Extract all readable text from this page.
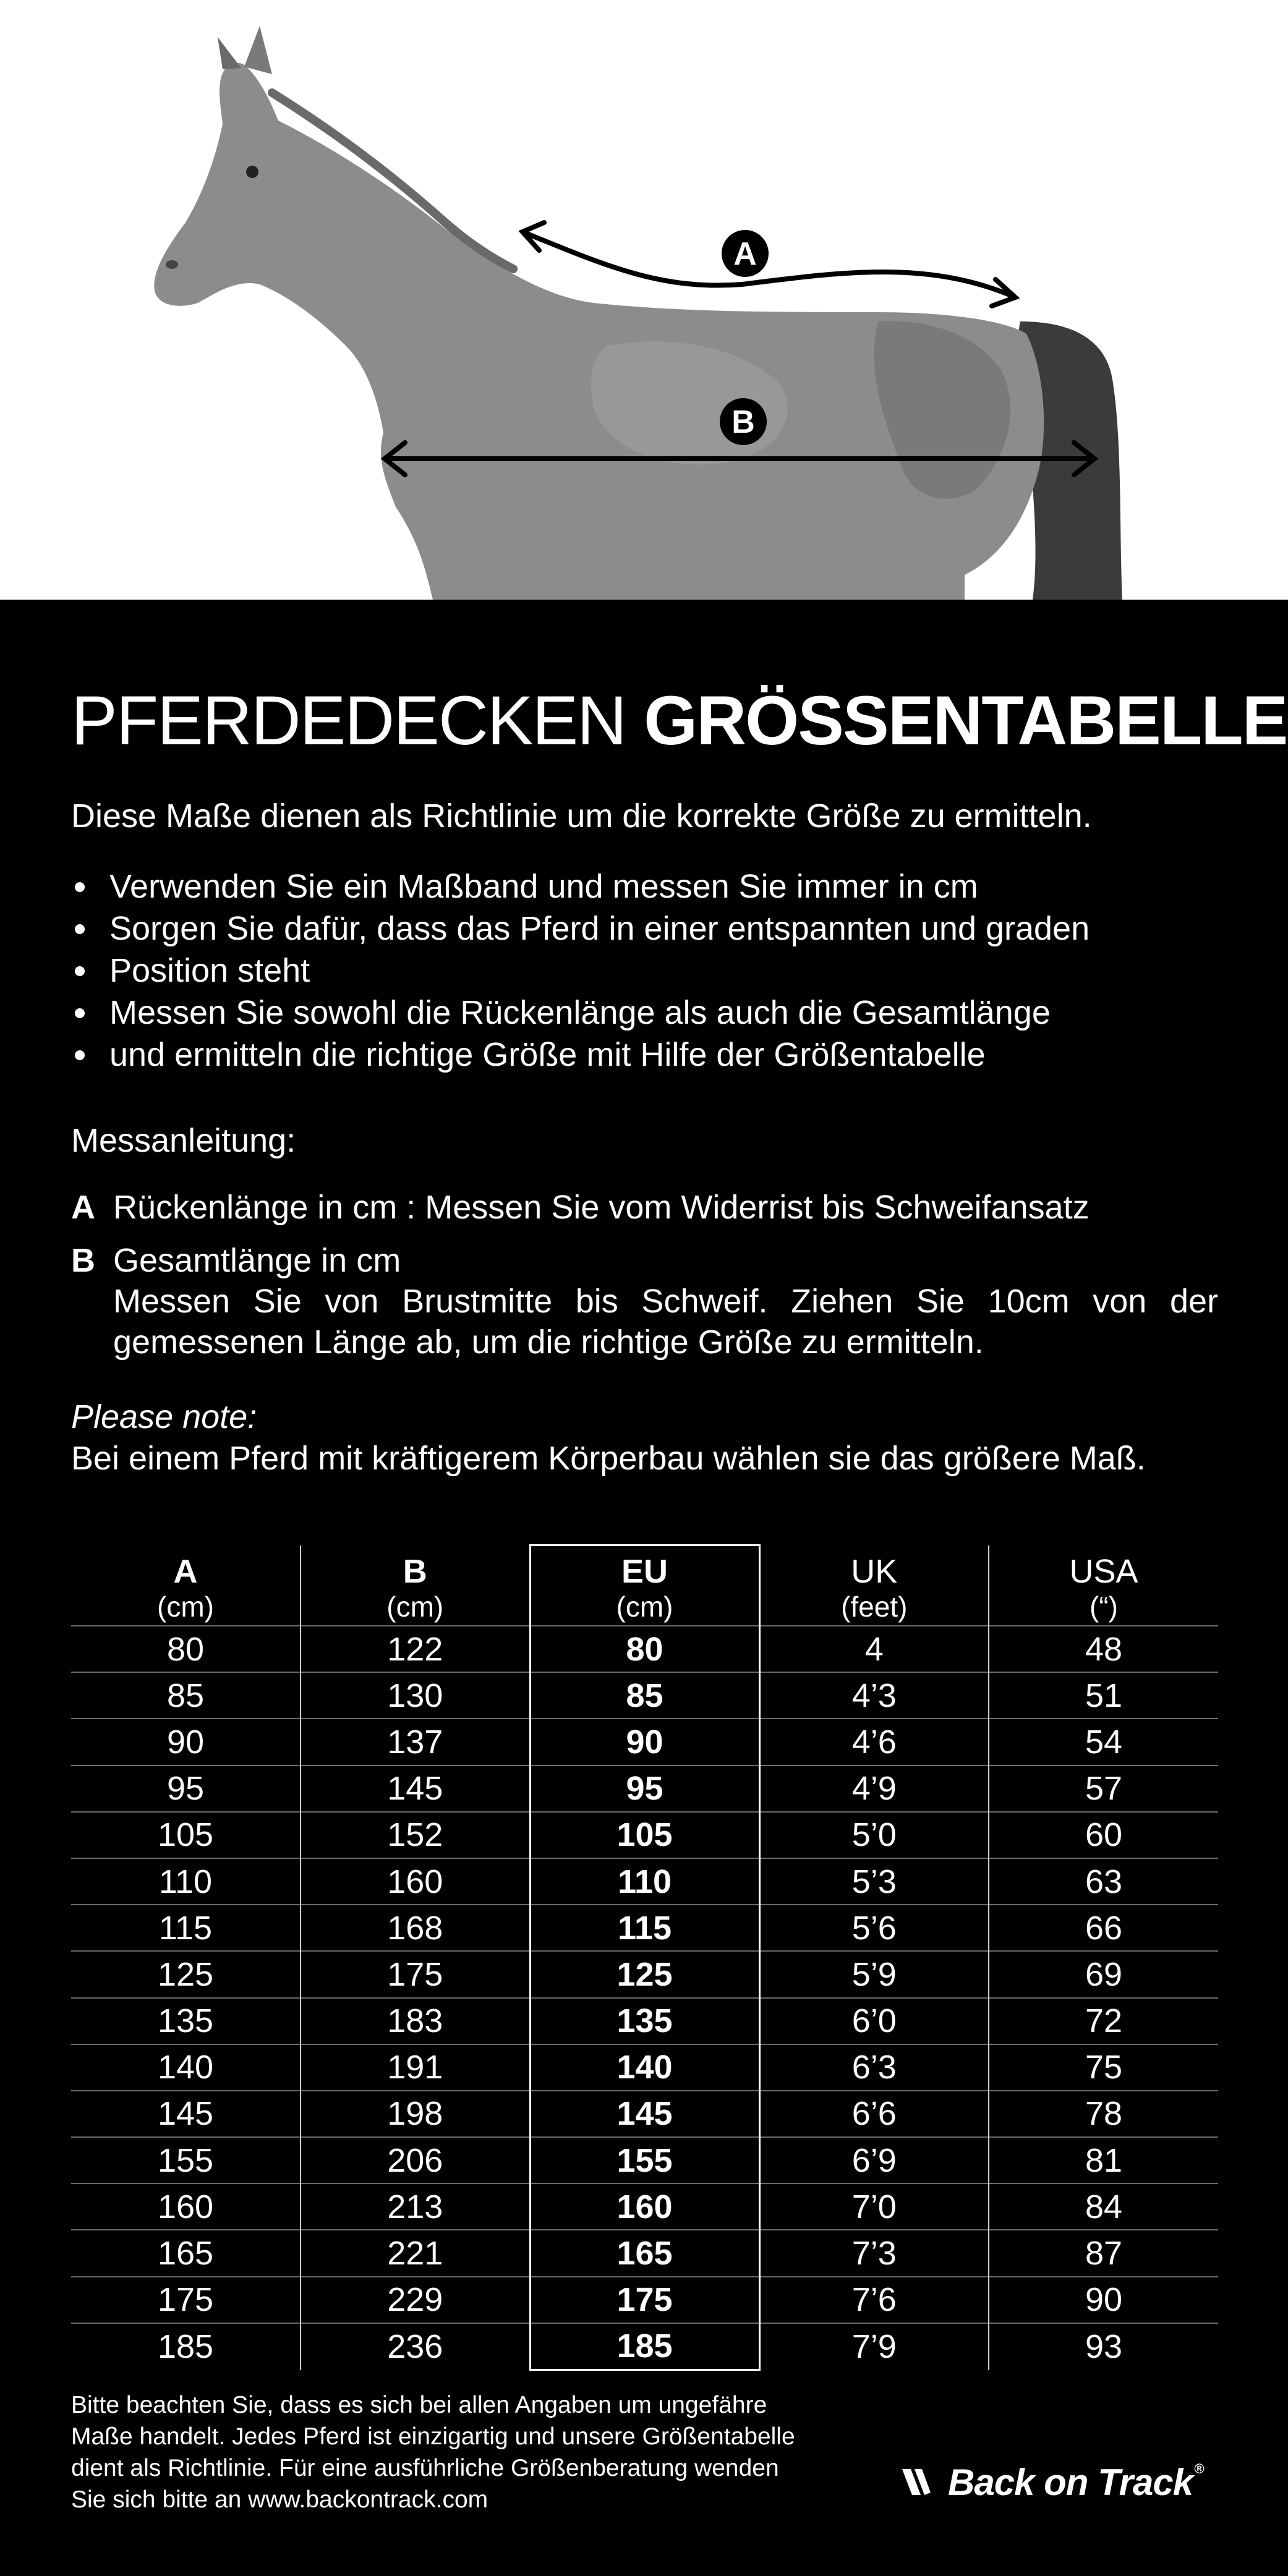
A
B
PFERDEDECKEN GRÖSSENTABELLE

Diese Maße dienen als Richtlinie um die korrekte Größe zu ermitteln.

Verwenden Sie ein Maßband und messen Sie immer in cm
Sorgen Sie dafür, dass das Pferd in einer entspannten und graden
Position steht
Messen Sie sowohl die Rückenlänge als auch die Gesamtlänge
und ermitteln die richtige Größe mit Hilfe der Größentabelle

Messanleitung:

A Rückenlänge in cm : Messen Sie vom Widerrist bis Schweifansatz
B Gesamtlänge in cm
Messen Sie von Brustmitte bis Schweif. Ziehen Sie 10cm von der
gemessenen Länge ab, um die richtige Größe zu ermitteln.

Please note:

Bei einem Pferd mit kräftigerem Körperbau wählen sie das größere Maß.

A	B	EU	UK	USA
(cm)	(cm)	(cm)	(feet)	(“)
80	122	80	4	48
85	130	85	4’3	51
90	137	90	4’6	54
95	145	95	4’9	57
105	152	105	5’0	60
110	160	110	5’3	63
115	168	115	5’6	66
125	175	125	5’9	69
135	183	135	6’0	72
140	191	140	6’3	75
145	198	145	6’6	78
155	206	155	6’9	81
160	213	160	7’0	84
165	221	165	7’3	87
175	229	175	7’6	90
185	236	185	7’9	93

Bitte beachten Sie, dass es sich bei allen Angaben um ungefähre
Maße handelt. Jedes Pferd ist einzigartig und unsere Größentabelle
dient als Richtlinie. Für eine ausführliche Größenberatung wenden
Sie sich bitte an www.backontrack.com	Back on Track®
